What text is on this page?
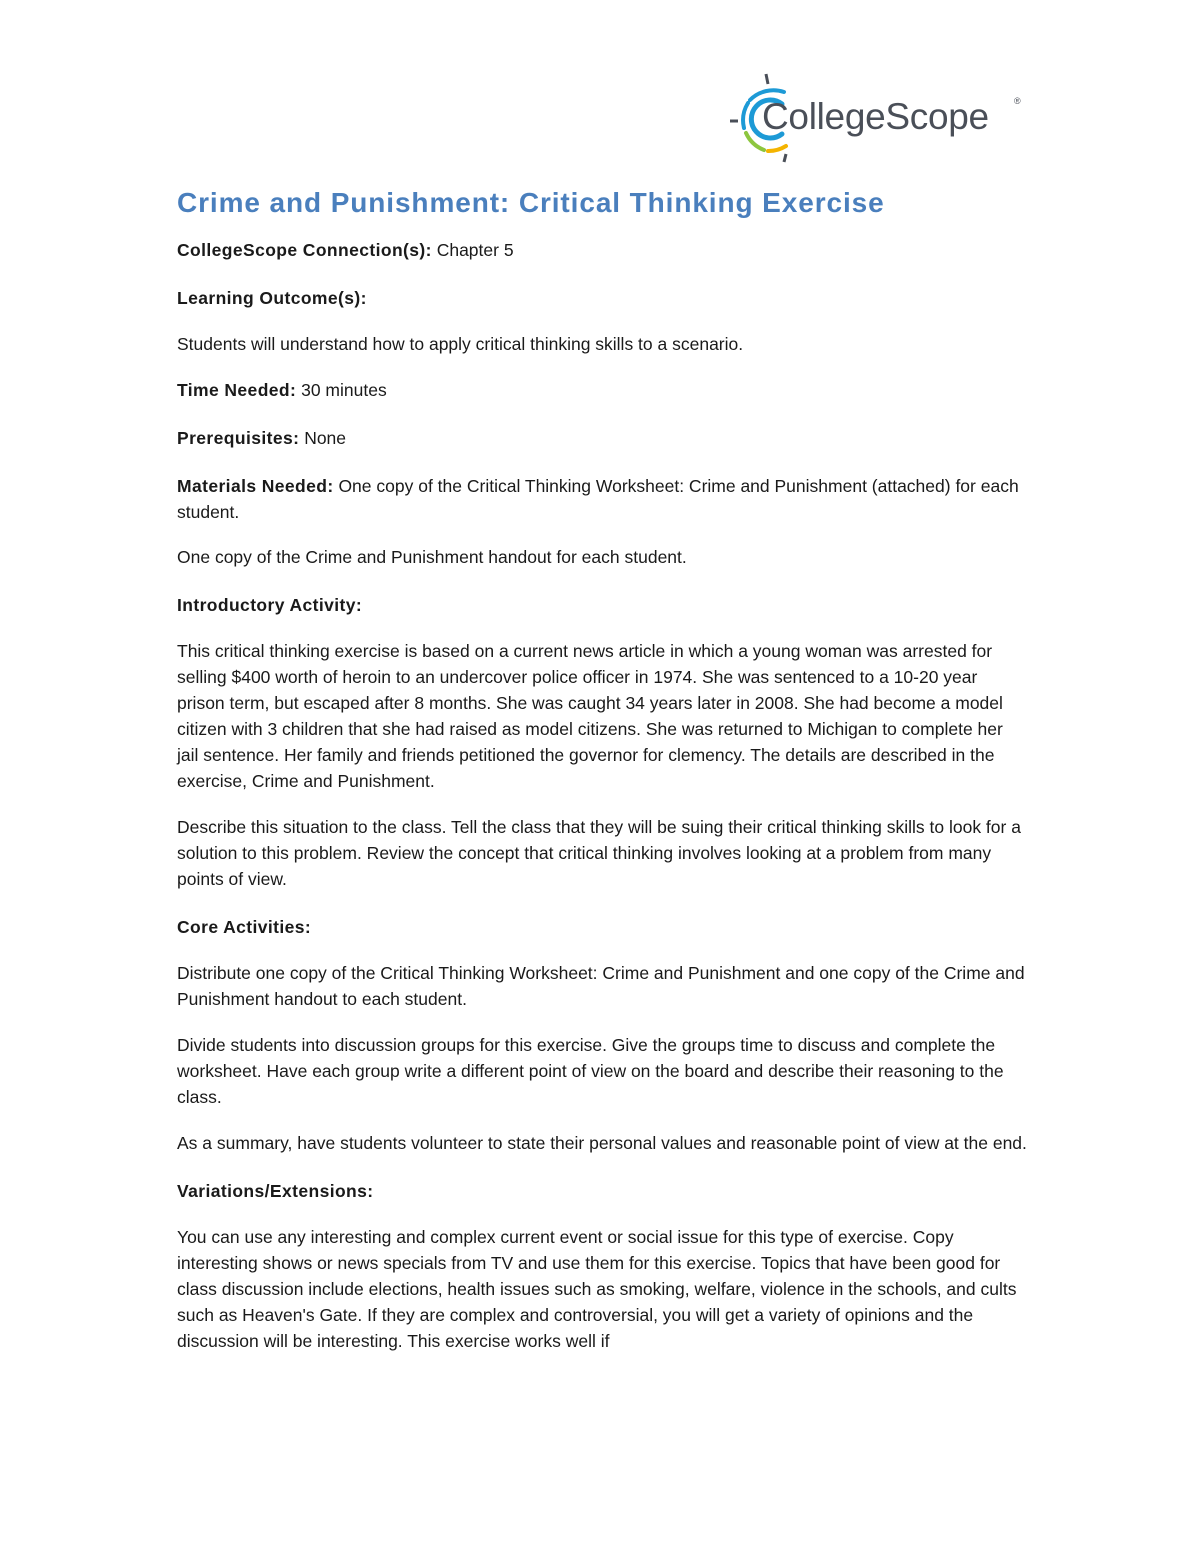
CollegeScope	®
Crime and Punishment: Critical Thinking Exercise

CollegeScope Connection(s): Chapter 5

Learning Outcome(s):

Students will understand how to apply critical thinking skills to a scenario.

Time Needed: 30 minutes

Prerequisites: None

Materials Needed: One copy of the Critical Thinking Worksheet: Crime and Punishment (attached) for each student.

One copy of the Crime and Punishment handout for each student.

Introductory Activity:

This critical thinking exercise is based on a current news article in which a young woman was arrested for selling $400 worth of heroin to an undercover police officer in 1974. She was sentenced to a 10-20 year prison term, but escaped after 8 months. She was caught 34 years later in 2008. She had become a model citizen with 3 children that she had raised as model citizens. She was returned to Michigan to complete her jail sentence. Her family and friends petitioned the governor for clemency. The details are described in the exercise, Crime and Punishment.

Describe this situation to the class. Tell the class that they will be suing their critical thinking skills to look for a solution to this problem. Review the concept that critical thinking involves looking at a problem from many points of view.

Core Activities:

Distribute one copy of the Critical Thinking Worksheet: Crime and Punishment and one copy of the Crime and Punishment handout to each student.

Divide students into discussion groups for this exercise. Give the groups time to discuss and complete the worksheet. Have each group write a different point of view on the board and describe their reasoning to the class.

As a summary, have students volunteer to state their personal values and reasonable point of view at the end.

Variations/Extensions:

You can use any interesting and complex current event or social issue for this type of exercise. Copy interesting shows or news specials from TV and use them for this exercise. Topics that have been good for class discussion include elections, health issues such as smoking, welfare, violence in the schools, and cults such as Heaven's Gate. If they are complex and controversial, you will get a variety of opinions and the discussion will be interesting. This exercise works well if
